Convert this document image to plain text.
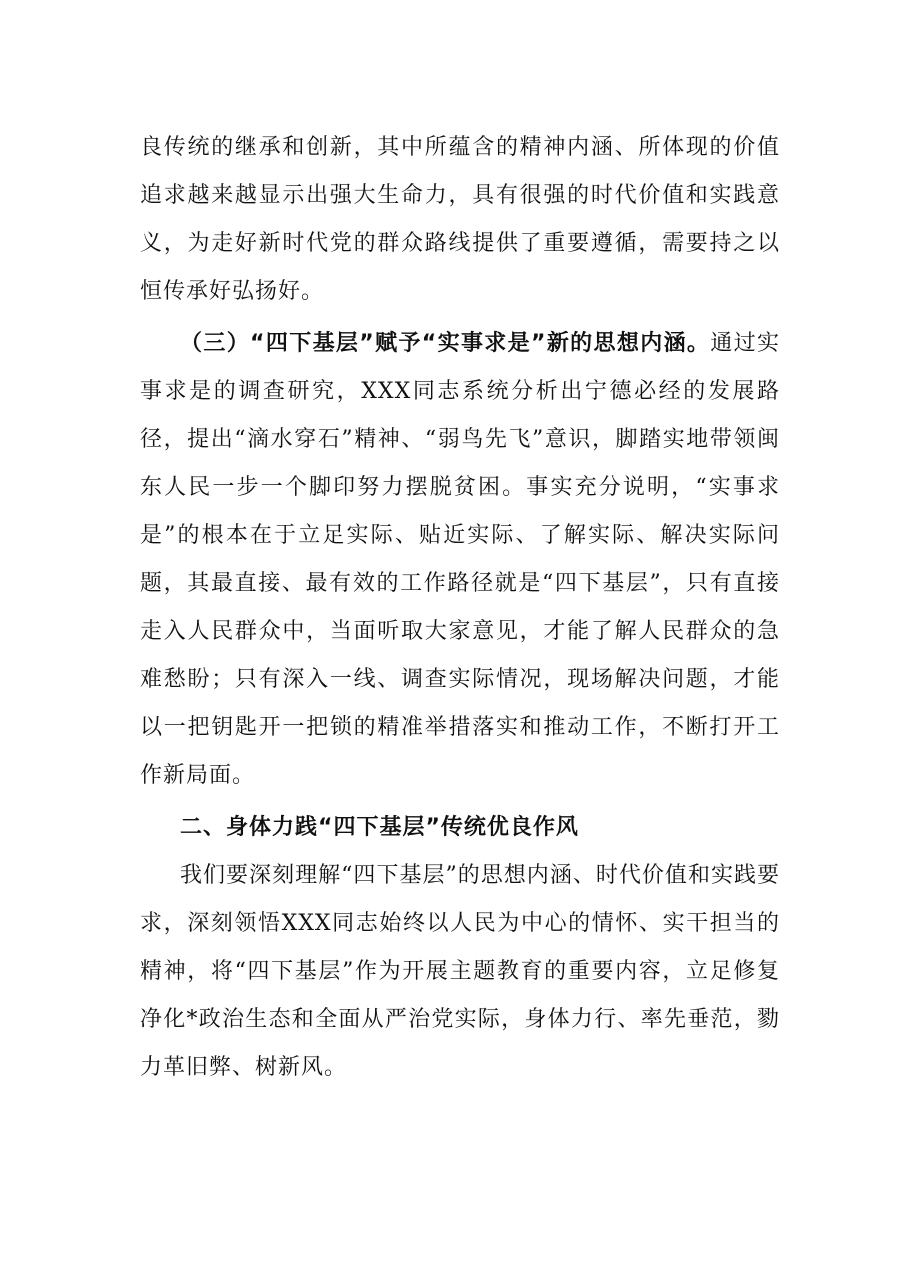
良传统的继承和创新，其中所蕴含的精神内涵、所体现的价值追求越来越显示出强大生命力，具有很强的时代价值和实践意义，为走好新时代党的群众路线提供了重要遵循，需要持之以恒传承好弘扬好。

（三）“四下基层”赋予“实事求是”新的思想内涵。通过实事求是的调查研究，XXX同志系统分析出宁德必经的发展路径，提出“滴水穿石”精神、“弱鸟先飞”意识，脚踏实地带领闽东人民一步一个脚印努力摆脱贫困。事实充分说明，“实事求是”的根本在于立足实际、贴近实际、了解实际、解决实际问题，其最直接、最有效的工作路径就是“四下基层”，只有直接走入人民群众中，当面听取大家意见，才能了解人民群众的急难愁盼；只有深入一线、调查实际情况，现场解决问题，才能以一把钥匙开一把锁的精准举措落实和推动工作，不断打开工作新局面。

二、身体力践“四下基层”传统优良作风

我们要深刻理解“四下基层”的思想内涵、时代价值和实践要求，深刻领悟XXX同志始终以人民为中心的情怀、实干担当的精神，将“四下基层”作为开展主题教育的重要内容，立足修复净化*政治生态和全面从严治党实际，身体力行、率先垂范，勠力革旧弊、树新风。
